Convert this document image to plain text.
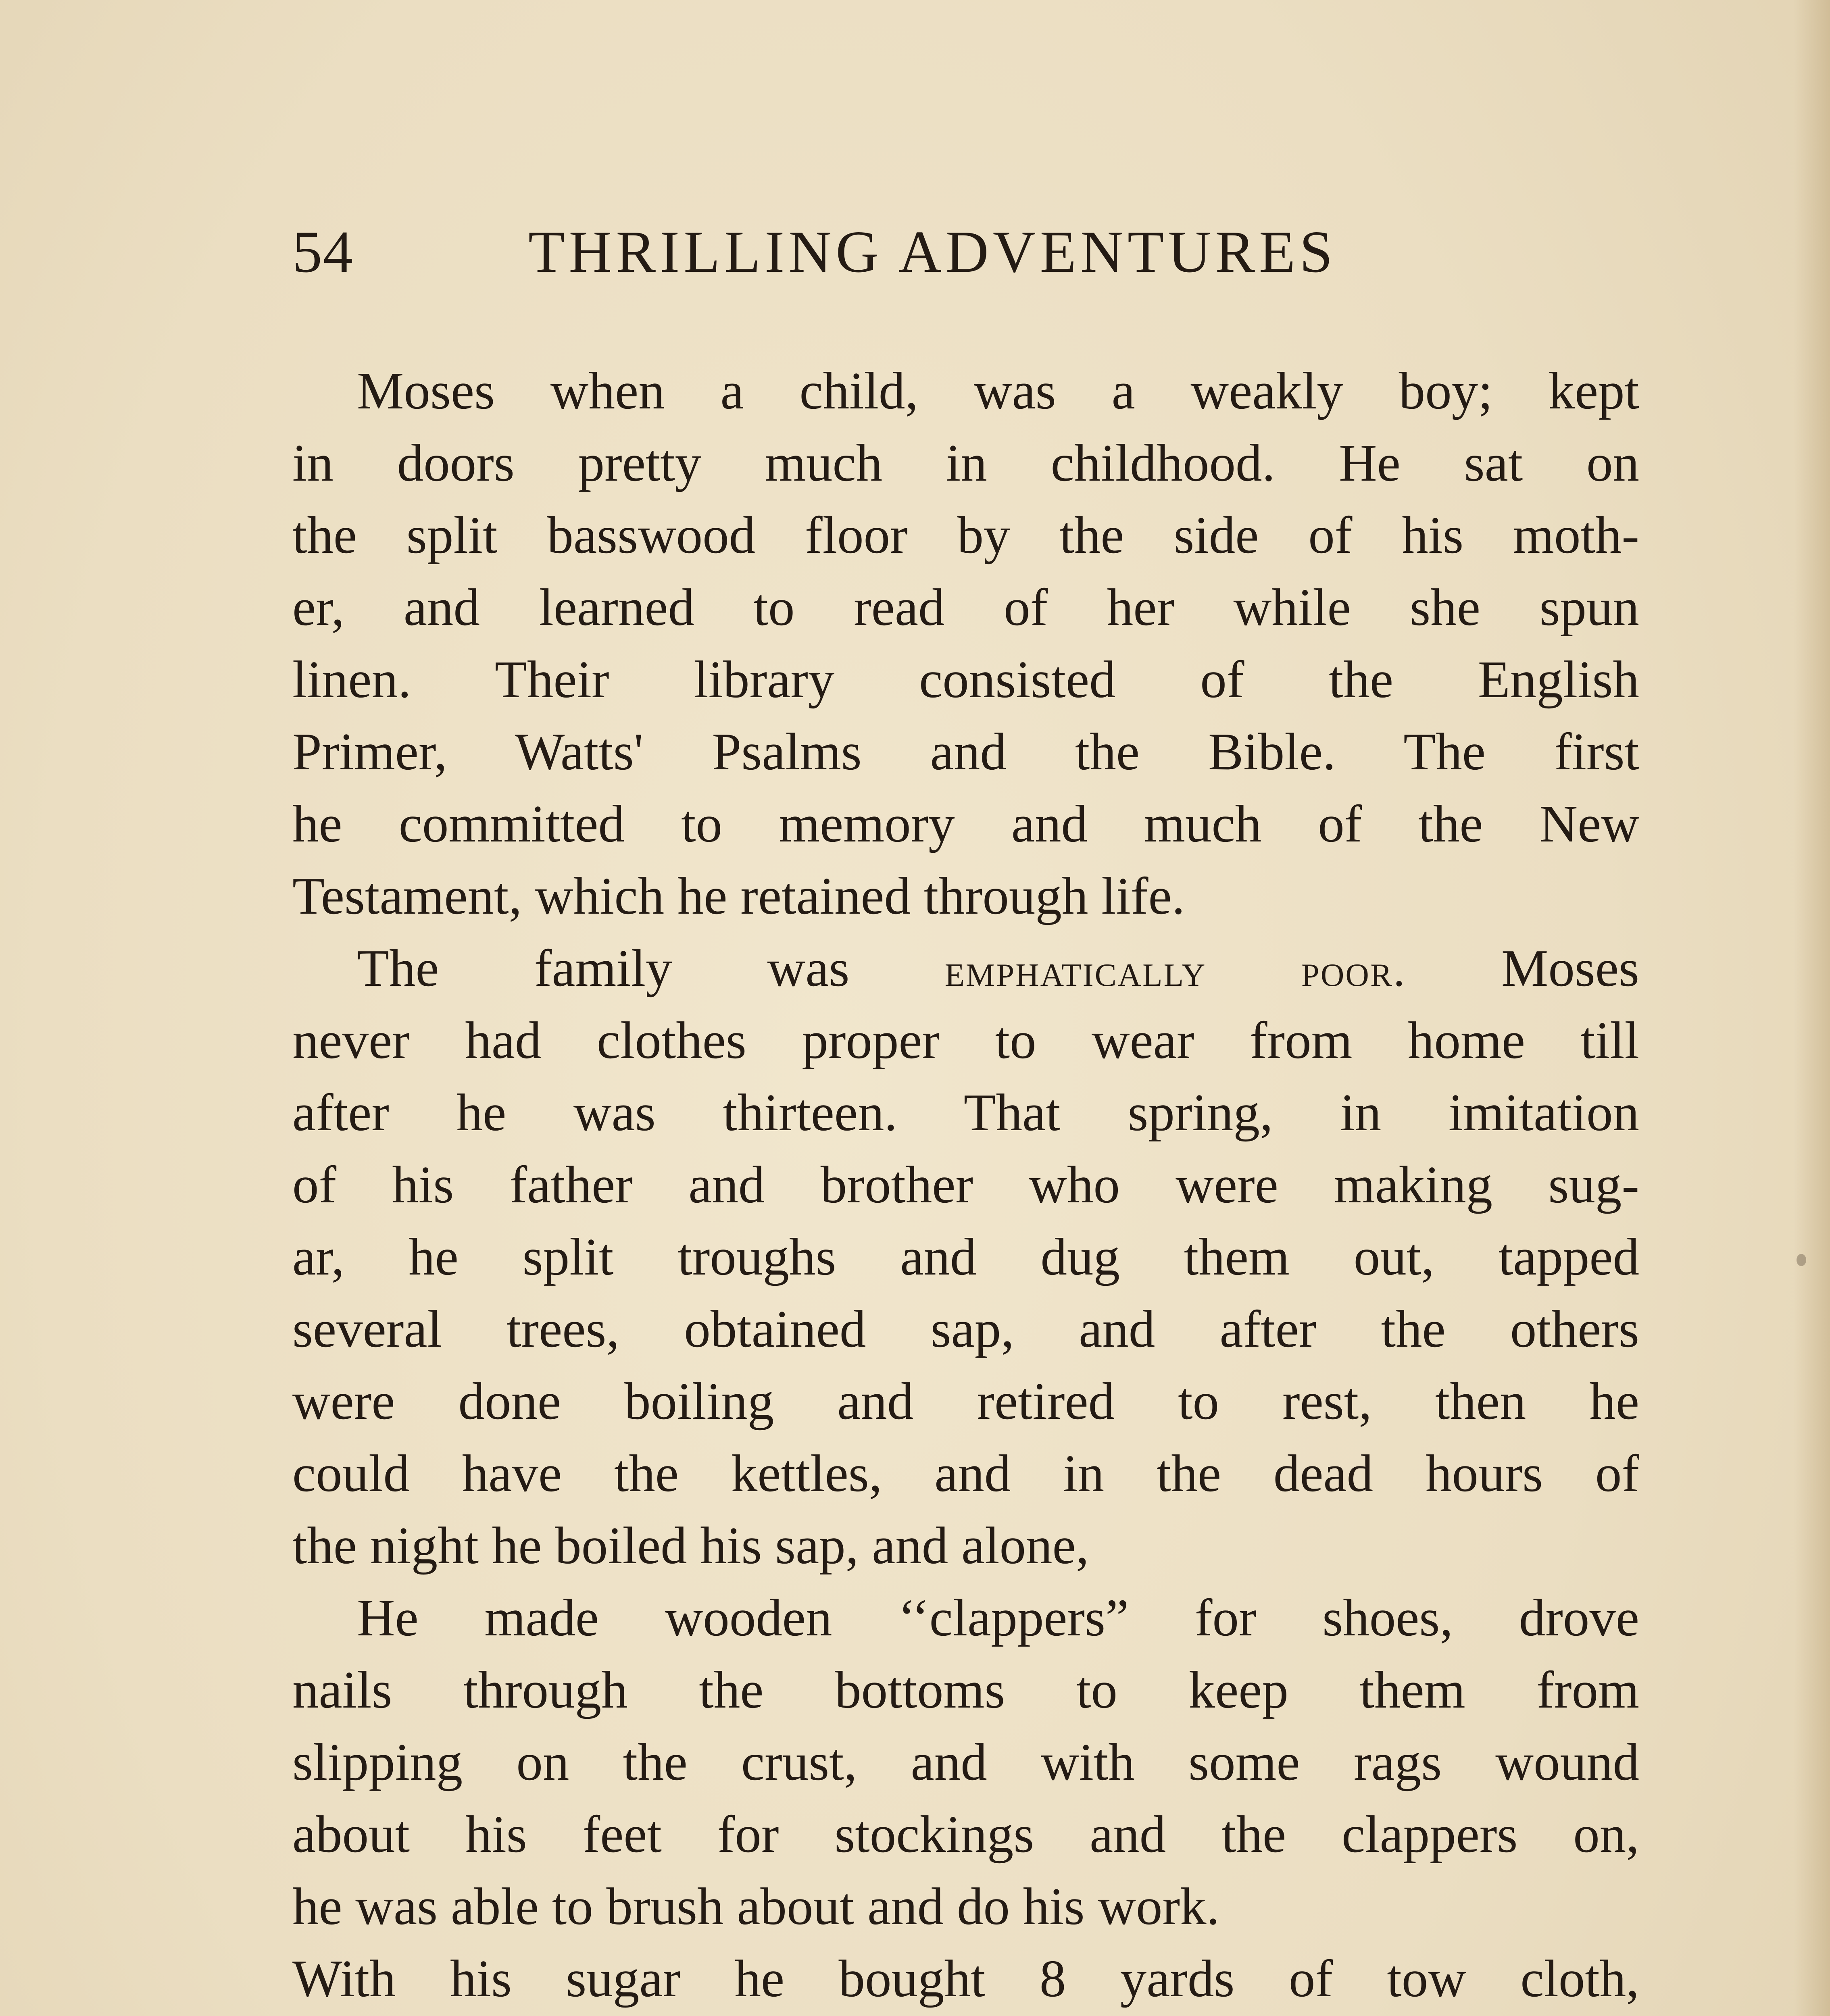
54	THRILLING ADVENTURES
Moses when a child, was a weakly boy; kept
in doors pretty much in childhood. He sat on
the split basswood floor by the side of his moth-
er, and learned to read of her while she spun
linen. Their library consisted of the English
Primer, Watts' Psalms and the Bible. The first
he committed to memory and much of the New
Testament, which he retained through life.
The family was emphatically poor. Moses
never had clothes proper to wear from home till
after he was thirteen. That spring, in imitation
of his father and brother who were making sug-
ar, he split troughs and dug them out, tapped
several trees, obtained sap, and after the others
were done boiling and retired to rest, then he
could have the kettles, and in the dead hours of
the night he boiled his sap, and alone,
He made wooden ‘‘clappers” for shoes, drove
nails through the bottoms to keep them from
slipping on the crust, and with some rags wound
about his feet for stockings and the clappers on,
he was able to brush about and do his work.
With his sugar he bought 8 yards of tow cloth,
